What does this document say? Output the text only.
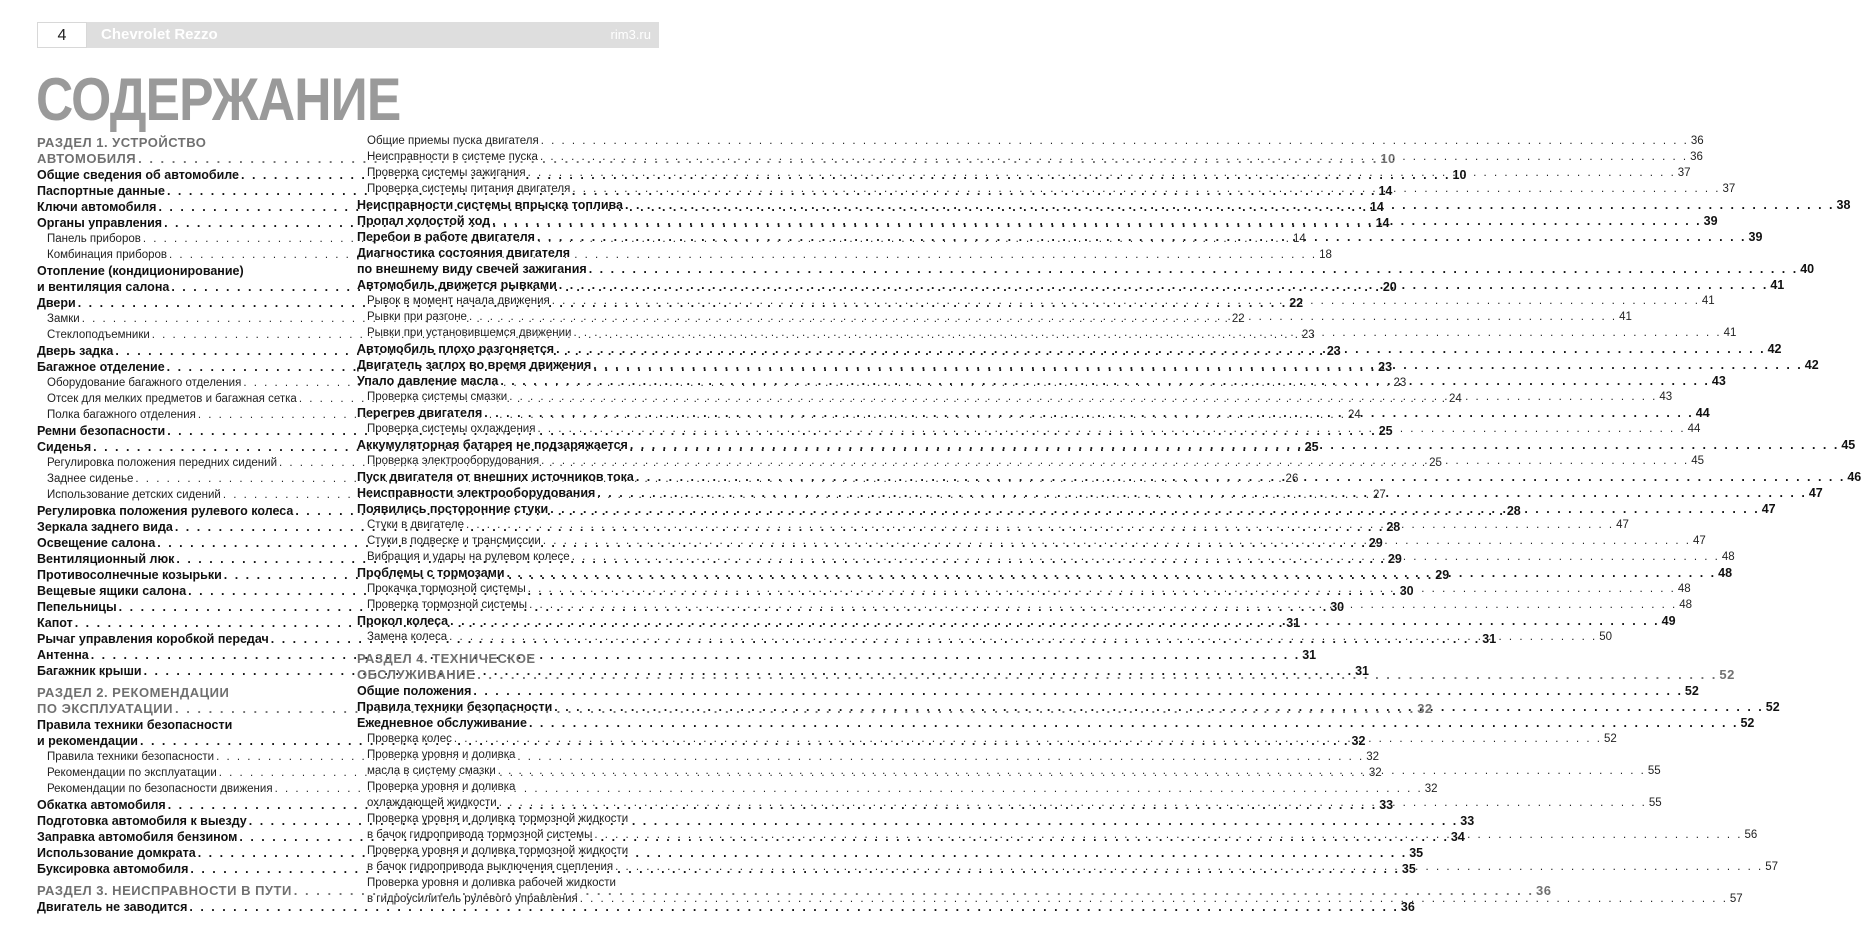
4	Chevrolet Rezzo	rim3.ru
СОДЕРЖАНИЕ
РАЗДЕЛ 1. УСТРОЙСТВО
АВТОМОБИЛЯ . . .	10
Общие сведения об автомобиле . . .	10
Паспортные данные . . .	14
Ключи автомобиля . . .	14
Органы управления . . .	14
Панель приборов . . .	14
Комбинация приборов . . .	18
Отопление (кондиционирование)
и вентиляция салона . . .	20
Двери . . .	22
Замки . . .	22
Стеклоподъемники . . .	23
Дверь задка . . .	23
Багажное отделение . . .	23
Оборудование багажного отделения . . .	23
Отсек для мелких предметов и багажная сетка . . .	24
Полка багажного отделения . . .	24
Ремни безопасности . . .	25
Сиденья . . .	25
Регулировка положения передних сидений . . .	25
Заднее сиденье . . .	26
Использование детских сидений . . .	27
Регулировка положения рулевого колеса . . .	28
Зеркала заднего вида . . .	28
Освещение салона . . .	29
Вентиляционный люк . . .	29
Противосолнечные козырьки . . .	29
Вещевые ящики салона . . .	30
Пепельницы . . .	30
Капот . . .	31
Рычаг управления коробкой передач . . .	31
Антенна . . .	31
Багажник крыши . . .	31
РАЗДЕЛ 2. РЕКОМЕНДАЦИИ
ПО ЭКСПЛУАТАЦИИ . . .	32
Правила техники безопасности
и рекомендации . . .	32
Правила техники безопасности . . .	32
Рекомендации по эксплуатации . . .	32
Рекомендации по безопасности движения . . .	32
Обкатка автомобиля . . .	33
Подготовка автомобиля к выезду . . .	33
Заправка автомобиля бензином . . .	34
Использование домкрата . . .	35
Буксировка автомобиля . . .	35
РАЗДЕЛ 3. НЕИСПРАВНОСТИ В ПУТИ . . .	36
Двигатель не заводится . . .	36
Общие приемы пуска двигателя . . .	36
Неисправности в системе пуска . . .	36
Проверка системы зажигания . . .	37
Проверка системы питания двигателя . . .	37
Неисправности системы впрыска топлива . . .	38
Пропал холостой ход . . .	39
Перебои в работе двигателя . . .	39
Диагностика состояния двигателя
по внешнему виду свечей зажигания . . .	40
Автомобиль движется рывками . . .	41
Рывок в момент начала движения . . .	41
Рывки при разгоне . . .	41
Рывки при установившемся движении . . .	41
Автомобиль плохо разгоняется . . .	42
Двигатель заглох во время движения . . .	42
Упало давление масла . . .	43
Проверка системы смазки . . .	43
Перегрев двигателя . . .	44
Проверка системы охлаждения . . .	44
Аккумуляторная батарея не подзаряжается . . .	45
Проверка электрооборудования . . .	45
Пуск двигателя от внешних источников тока . . .	46
Неисправности электрооборудования . . .	47
Появились посторонние стуки . . .	47
Стуки в двигателе . . .	47
Стуки в подвеске и трансмиссии . . .	47
Вибрация и удары на рулевом колесе . . .	48
Проблемы с тормозами . . .	48
Прокачка тормозной системы . . .	48
Проверка тормозной системы . . .	48
Прокол колеса . . .	49
Замена колеса . . .	50
РАЗДЕЛ 4. ТЕХНИЧЕСКОЕ
ОБСЛУЖИВАНИЕ . . .	52
Общие положения . . .	52
Правила техники безопасности . . .	52
Ежедневное обслуживание . . .	52
Проверка колес . . .	52
Проверка уровня и доливка
масла в систему смазки . . .	55
Проверка уровня и доливка
охлаждающей жидкости . . .	55
Проверка уровня и доливка тормозной жидкости
в бачок гидропривода тормозной системы . . .	56
Проверка уровня и доливка тормозной жидкости
в бачок гидропривода выключения сцепления . . .	57
Проверка уровня и доливка рабочей жидкости
в гидроусилитель рулевого управления . . .	57
